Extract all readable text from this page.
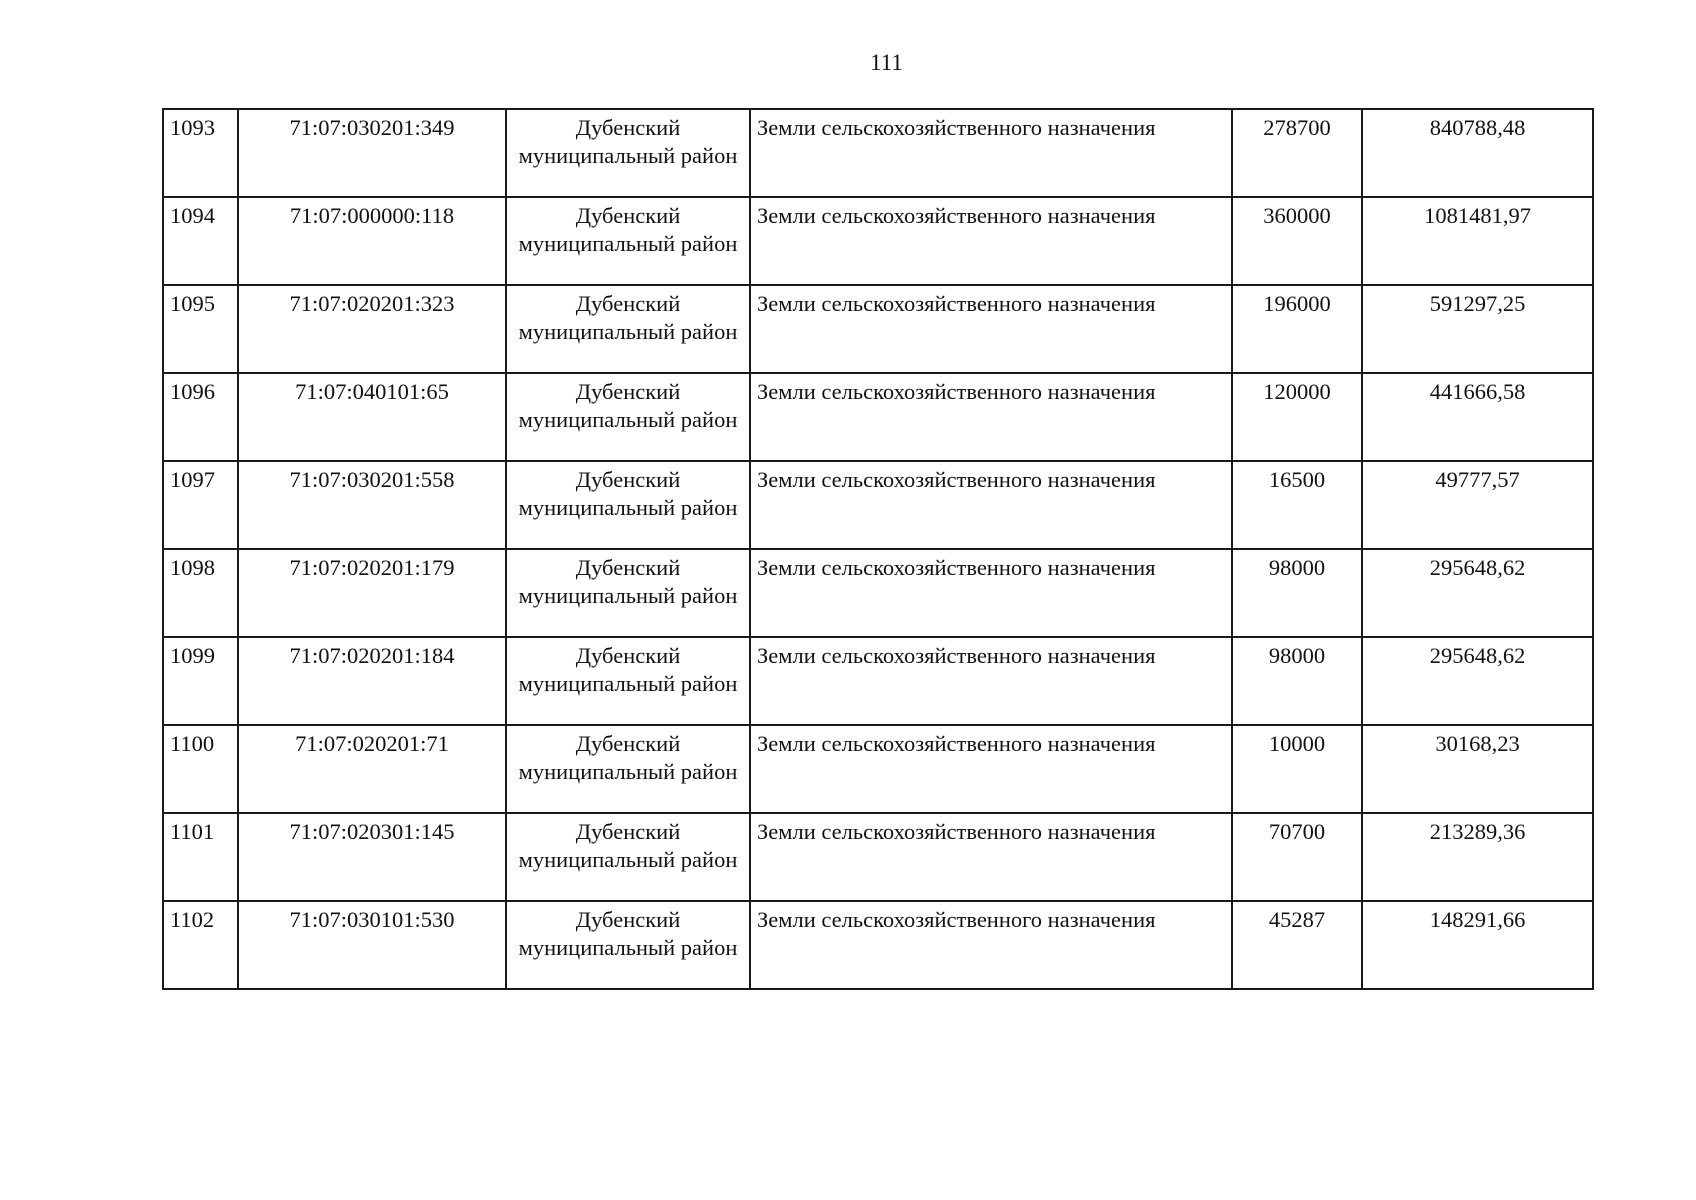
111
1093	71:07:030201:349	Дубенский муниципальный район	Земли сельскохозяйственного назначения	278700	840788,48
1094	71:07:000000:118	Дубенский муниципальный район	Земли сельскохозяйственного назначения	360000	1081481,97
1095	71:07:020201:323	Дубенский муниципальный район	Земли сельскохозяйственного назначения	196000	591297,25
1096	71:07:040101:65	Дубенский муниципальный район	Земли сельскохозяйственного назначения	120000	441666,58
1097	71:07:030201:558	Дубенский муниципальный район	Земли сельскохозяйственного назначения	16500	49777,57
1098	71:07:020201:179	Дубенский муниципальный район	Земли сельскохозяйственного назначения	98000	295648,62
1099	71:07:020201:184	Дубенский муниципальный район	Земли сельскохозяйственного назначения	98000	295648,62
1100	71:07:020201:71	Дубенский муниципальный район	Земли сельскохозяйственного назначения	10000	30168,23
1101	71:07:020301:145	Дубенский муниципальный район	Земли сельскохозяйственного назначения	70700	213289,36
1102	71:07:030101:530	Дубенский муниципальный район	Земли сельскохозяйственного назначения	45287	148291,66
